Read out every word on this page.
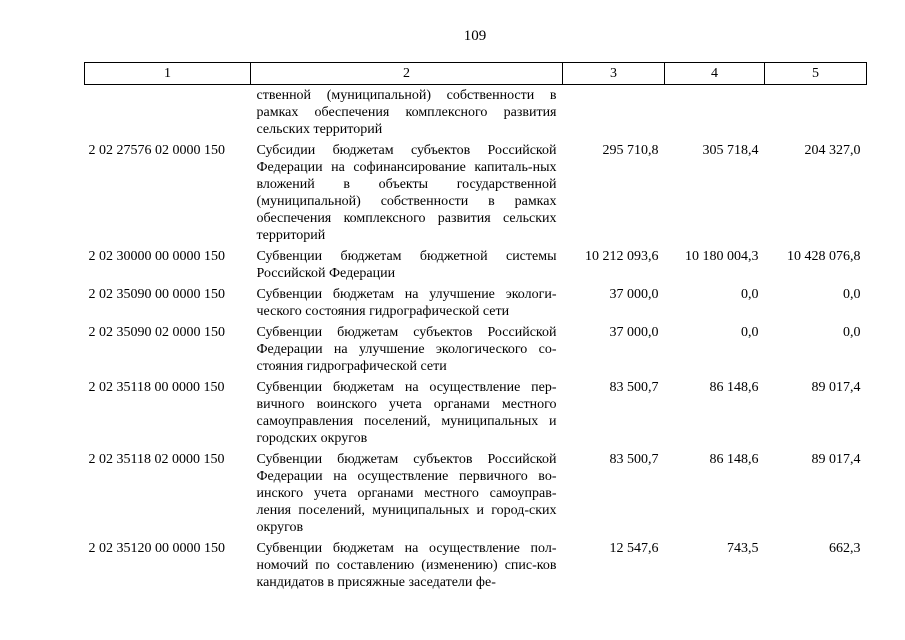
109
1	2	3	4	5
	ственной (муниципальной) собственности в рамках обеспечения комплексного развития сельских территорий			
2 02 27576 02 0000 150	Субсидии бюджетам субъектов Российской Федерации на софинансирование капиталь-ных вложений в объекты государственной (муниципальной) собственности в рамках обеспечения комплексного развития сельских территорий	295 710,8	305 718,4	204 327,0
2 02 30000 00 0000 150	Субвенции бюджетам бюджетной системы Российской Федерации	10 212 093,6	10 180 004,3	10 428 076,8
2 02 35090 00 0000 150	Субвенции бюджетам на улучшение экологи-ческого состояния гидрографической сети	37 000,0	0,0	0,0
2 02 35090 02 0000 150	Субвенции бюджетам субъектов Российской Федерации на улучшение экологического со-стояния гидрографической сети	37 000,0	0,0	0,0
2 02 35118 00 0000 150	Субвенции бюджетам на осуществление пер-вичного воинского учета органами местного самоуправления поселений, муниципальных и городских округов	83 500,7	86 148,6	89 017,4
2 02 35118 02 0000 150	Субвенции бюджетам субъектов Российской Федерации на осуществление первичного во-инского учета органами местного самоуправ-ления поселений, муниципальных и город-ских округов	83 500,7	86 148,6	89 017,4
2 02 35120 00 0000 150	Субвенции бюджетам на осуществление пол-номочий по составлению (изменению) спис-ков кандидатов в присяжные заседатели фе-	12 547,6	743,5	662,3
